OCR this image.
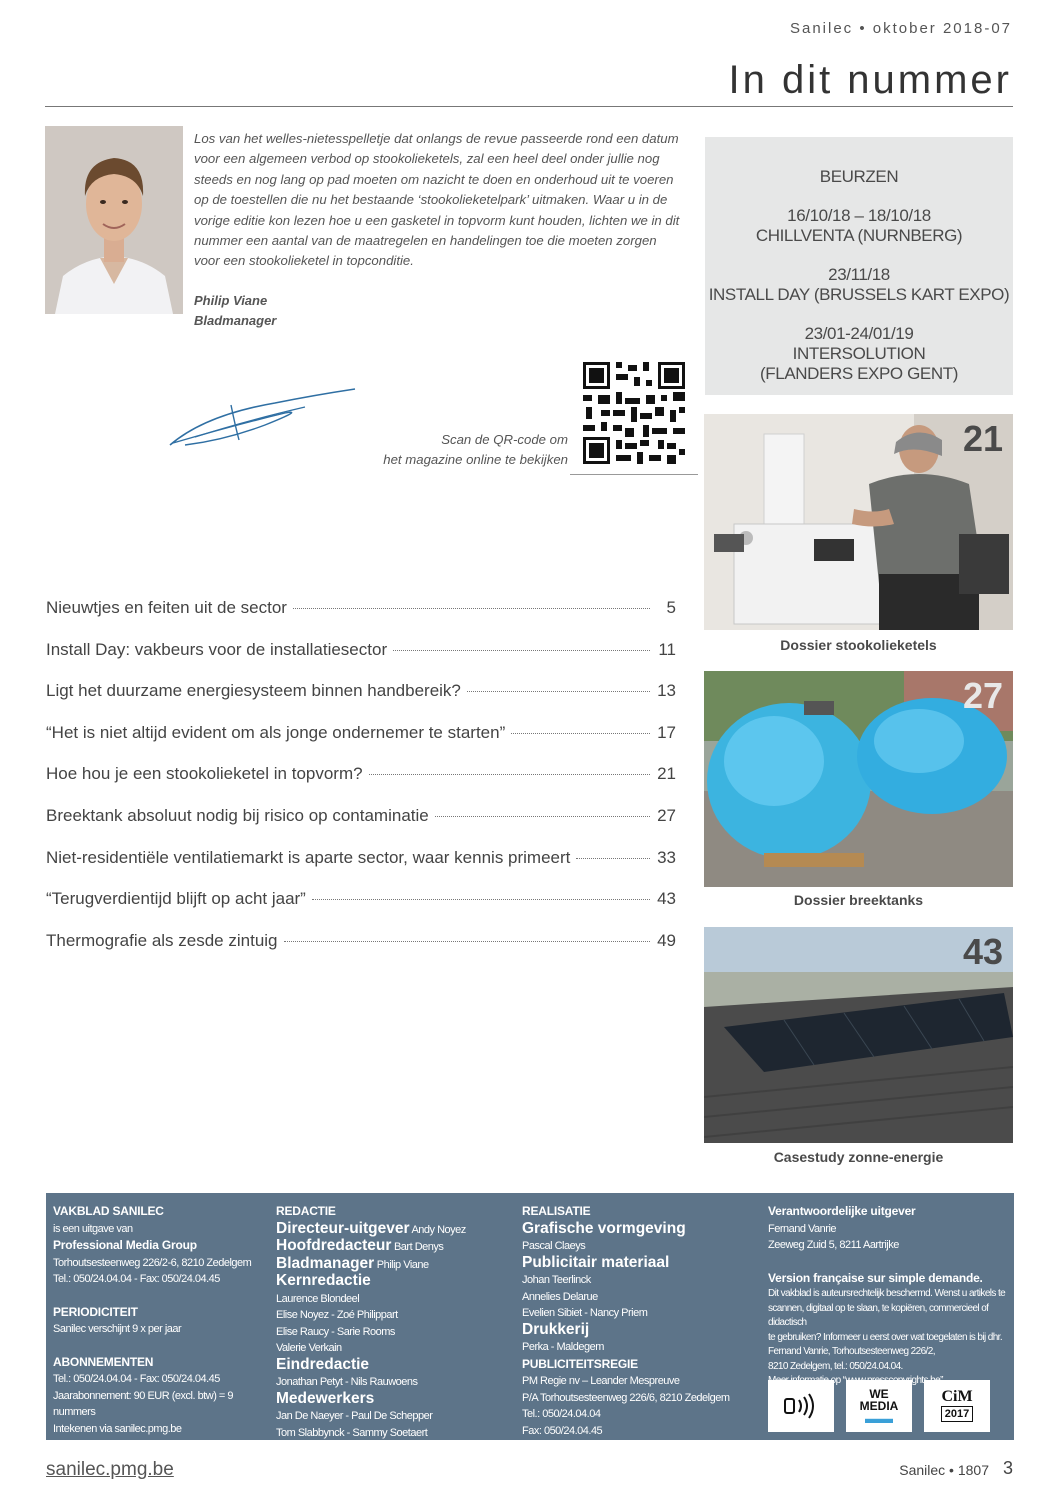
Sanilec • oktober 2018-07
In dit nummer

Los van het welles-nietesspelletje dat onlangs de revue passeerde rond een datum voor een algemeen verbod op stookolieketels, zal een heel deel onder jullie nog steeds en nog lang op pad moeten om nazicht te doen en onderhoud uit te voeren op de toestellen die nu het bestaande ‘stookolieketelpark’ uitmaken. Waar u in de vorige editie kon lezen hoe u een gasketel in topvorm kunt houden, lichten we in dit nummer een aantal van de maatregelen en handelingen toe die moeten zorgen voor een stookolieketel in topconditie.

Philip Viane
Bladmanager
Scan de QR-code om
het magazine online te bekijken
BEURZEN
16/10/18 – 18/10/18
CHILLVENTA (NURNBERG)
23/11/18
INSTALL DAY (BRUSSELS KART EXPO)
23/01-24/01/19
INTERSOLUTION
(FLANDERS EXPO GENT)
21
Dossier stookolieketels
27
Dossier breektanks
43
Casestudy zonne-energie
Nieuwtjes en feiten uit de sector	5
Install Day: vakbeurs voor de installatiesector	11
Ligt het duurzame energiesysteem binnen handbereik?	13
“Het is niet altijd evident om als jonge ondernemer te starten”	17
Hoe hou je een stookolieketel in topvorm?	21
Breektank absoluut nodig bij risico op contaminatie	27
Niet-residentiële ventilatiemarkt is aparte sector, waar kennis primeert	33
“Terugverdientijd blijft op acht jaar”	43
Thermografie als zesde zintuig	49

VAKBLAD SANILEC

is een uitgave van

Professional Media Group

Torhoutsesteenweg 226/2-6, 8210 Zedelgem

Tel.: 050/24.04.04 - Fax: 050/24.04.45

PERIODICITEIT

Sanilec verschijnt 9 x per jaar

ABONNEMENTEN

Tel.: 050/24.04.04 - Fax: 050/24.04.45

Jaarabonnement: 90 EUR (excl. btw) = 9 nummers

Intekenen via sanilec.pmg.be

of mail naar abo@pmgroup.be

REDACTIE

Directeur-uitgever Andy Noyez

Hoofdredacteur Bart Denys

Bladmanager Philip Viane

Kernredactie

Laurence Blondeel

Elise Noyez - Zoé Philippart

Elise Raucy - Sarie Rooms

Valerie Verkain

Eindredactie

Jonathan Petyt - Nils Rauwoens

Medewerkers

Jan De Naeyer - Paul De Schepper

Tom Slabbynck - Sammy Soetaert

REALISATIE

Grafische vormgeving

Pascal Claeys

Publicitair materiaal

Johan Teerlinck

Annelies Delarue

Evelien Sibiet - Nancy Priem

Drukkerij

Perka - Maldegem

PUBLICITEITSREGIE

PM Regie nv – Leander Mespreuve

P/A Torhoutsesteenweg 226/6, 8210 Zedelgem

Tel.: 050/24.04.04

Fax: 050/24.04.45

Verantwoordelijke uitgever

Fernand Vanrie

Zeeweg Zuid 5, 8211 Aartrijke

Version française sur simple demande.

Dit vakblad is auteursrechtelijk beschermd. Wenst u artikels te

scannen, digitaal op te slaan, te kopiëren, commercieel of didactisch

te gebruiken? Informeer u eerst over wat toegelaten is bij dhr.

Fernand Vanrie, Torhoutsesteenweg 226/2,

8210 Zedelgem, tel.: 050/24.04.04.

op

WE
MEDIA
▬▬
CiM
2017
sanilec.pmg.be	Sanilec • 1807 3
